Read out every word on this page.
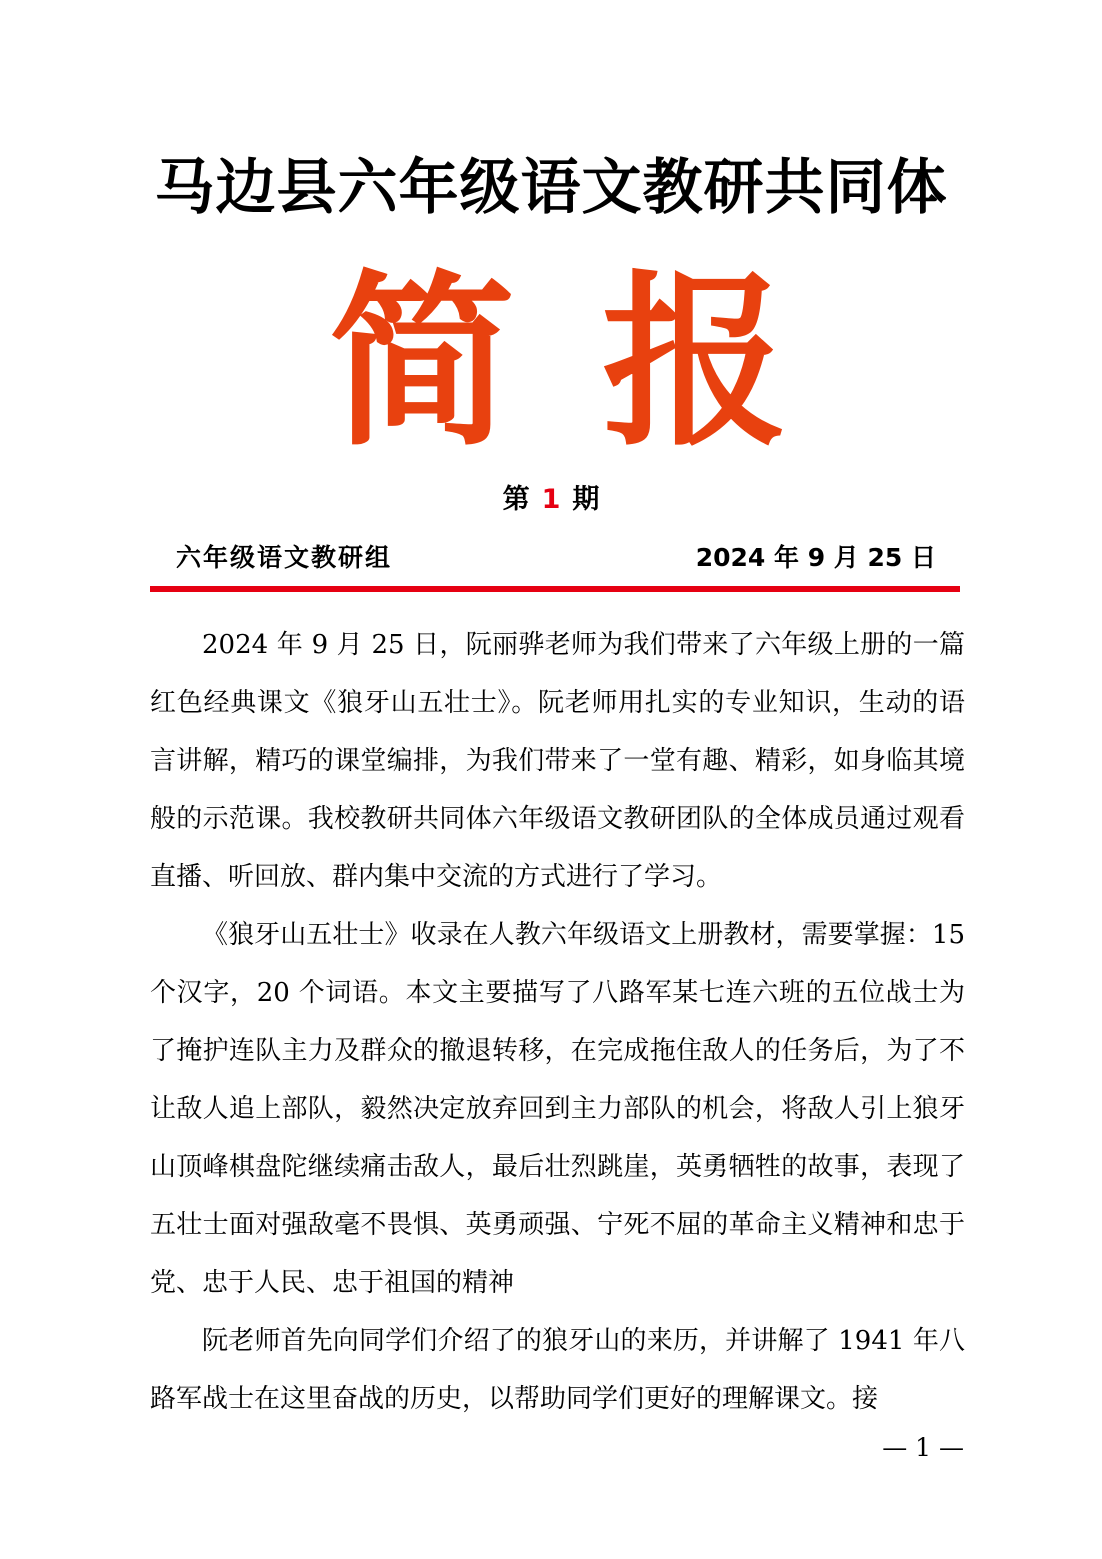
马边县六年级语文教研共同体
简 报
第 1 期
六年级语文教研组	2024 年 9 月 25 日

2024 年 9 月 25 日，阮丽骅老师为我们带来了六年级上册的一篇红色经典课文《狼牙山五壮士》。阮老师用扎实的专业知识，生动的语言讲解，精巧的课堂编排，为我们带来了一堂有趣、精彩，如身临其境般的示范课。我校教研共同体六年级语文教研团队的全体成员通过观看直播、听回放、群内集中交流的方式进行了学习。

《狼牙山五壮士》收录在人教六年级语文上册教材，需要掌握：15 个汉字，20 个词语。本文主要描写了八路军某七连六班的五位战士为了掩护连队主力及群众的撤退转移，在完成拖住敌人的任务后，为了不让敌人追上部队，毅然决定放弃回到主力部队的机会，将敌人引上狼牙山顶峰棋盘陀继续痛击敌人，最后壮烈跳崖，英勇牺牲的故事，表现了五壮士面对强敌毫不畏惧、英勇顽强、宁死不屈的革命主义精神和忠于党、忠于人民、忠于祖国的精神

阮老师首先向同学们介绍了的狼牙山的来历，并讲解了 1941 年八路军战士在这里奋战的历史，以帮助同学们更好的理解课文。接

— 1 —
